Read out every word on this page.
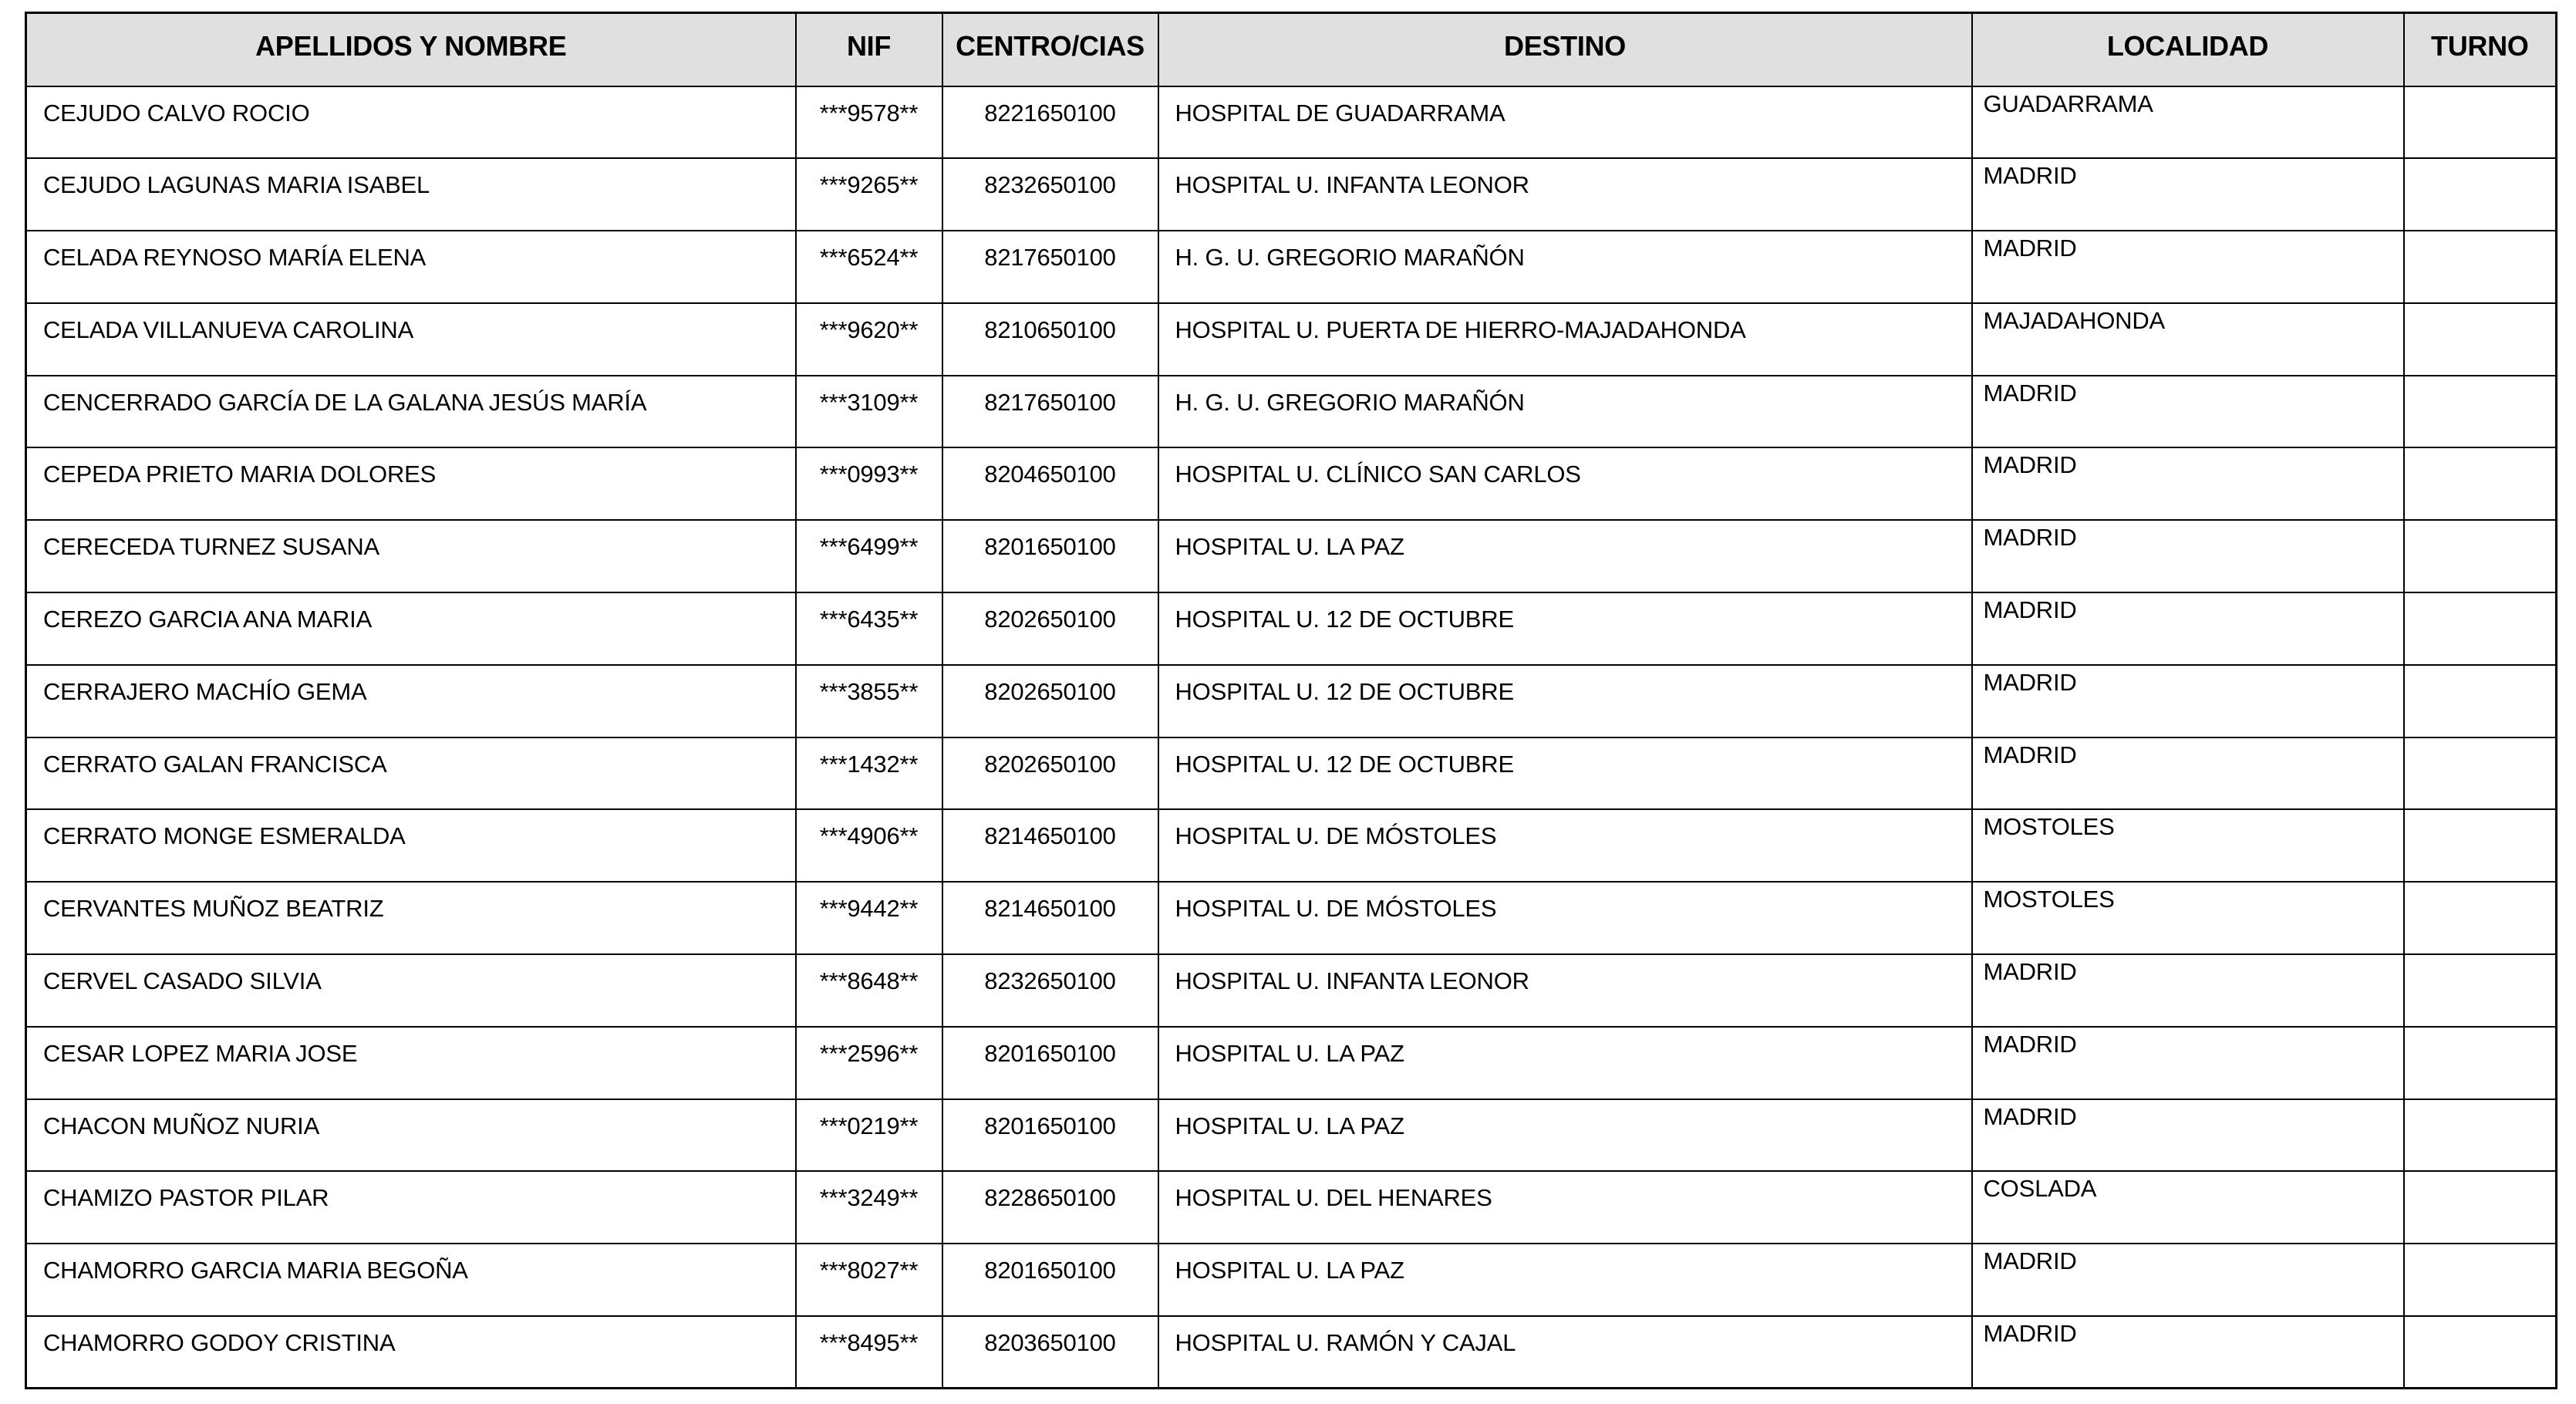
APELLIDOS Y NOMBRE	NIF	CENTRO/CIAS	DESTINO	LOCALIDAD	TURNO
CEJUDO CALVO ROCIO	***9578**	8221650100	HOSPITAL DE GUADARRAMA	GUADARRAMA	
CEJUDO LAGUNAS MARIA ISABEL	***9265**	8232650100	HOSPITAL U. INFANTA LEONOR	MADRID	
CELADA REYNOSO MARÍA ELENA	***6524**	8217650100	H. G. U. GREGORIO MARAÑÓN	MADRID	
CELADA VILLANUEVA CAROLINA	***9620**	8210650100	HOSPITAL U. PUERTA DE HIERRO-MAJADAHONDA	MAJADAHONDA	
CENCERRADO GARCÍA DE LA GALANA JESÚS MARÍA	***3109**	8217650100	H. G. U. GREGORIO MARAÑÓN	MADRID	
CEPEDA PRIETO MARIA DOLORES	***0993**	8204650100	HOSPITAL U. CLÍNICO SAN CARLOS	MADRID	
CERECEDA TURNEZ SUSANA	***6499**	8201650100	HOSPITAL U. LA PAZ	MADRID	
CEREZO GARCIA ANA MARIA	***6435**	8202650100	HOSPITAL U. 12 DE OCTUBRE	MADRID	
CERRAJERO MACHÍO GEMA	***3855**	8202650100	HOSPITAL U. 12 DE OCTUBRE	MADRID	
CERRATO GALAN FRANCISCA	***1432**	8202650100	HOSPITAL U. 12 DE OCTUBRE	MADRID	
CERRATO MONGE ESMERALDA	***4906**	8214650100	HOSPITAL U. DE MÓSTOLES	MOSTOLES	
CERVANTES MUÑOZ BEATRIZ	***9442**	8214650100	HOSPITAL U. DE MÓSTOLES	MOSTOLES	
CERVEL CASADO SILVIA	***8648**	8232650100	HOSPITAL U. INFANTA LEONOR	MADRID	
CESAR LOPEZ MARIA JOSE	***2596**	8201650100	HOSPITAL U. LA PAZ	MADRID	
CHACON MUÑOZ NURIA	***0219**	8201650100	HOSPITAL U. LA PAZ	MADRID	
CHAMIZO PASTOR PILAR	***3249**	8228650100	HOSPITAL U. DEL HENARES	COSLADA	
CHAMORRO GARCIA MARIA BEGOÑA	***8027**	8201650100	HOSPITAL U. LA PAZ	MADRID	
CHAMORRO GODOY CRISTINA	***8495**	8203650100	HOSPITAL U. RAMÓN Y CAJAL	MADRID	
